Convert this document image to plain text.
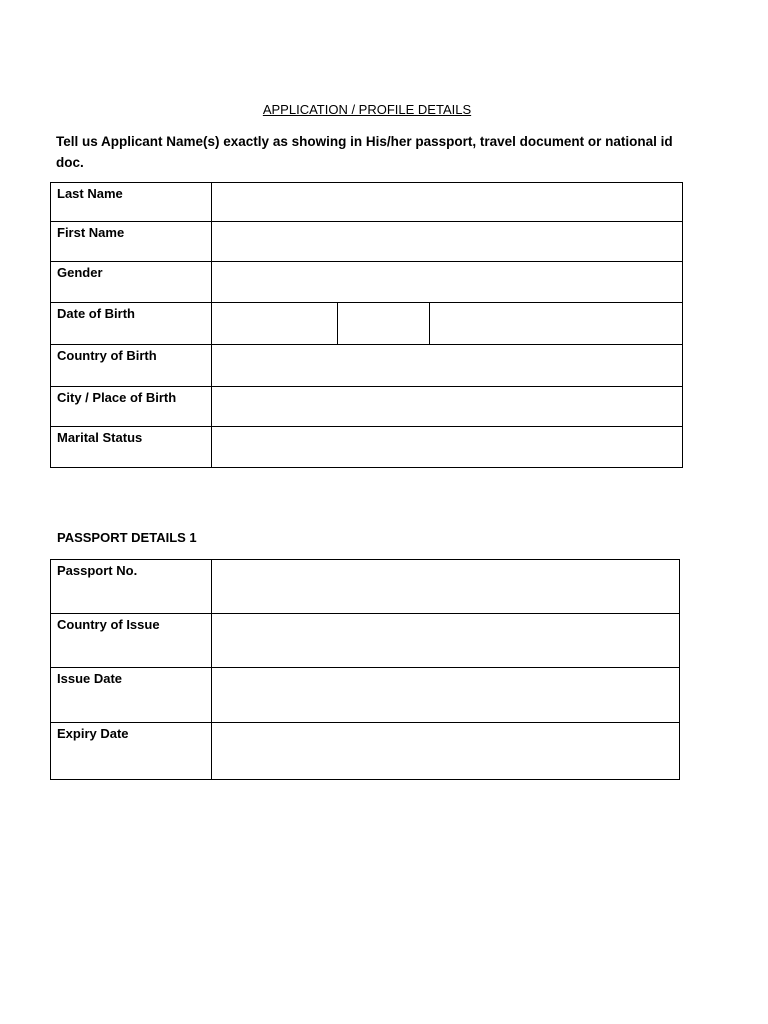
APPLICATION / PROFILE DETAILS
Tell us Applicant Name(s) exactly as showing in His/her passport, travel document or national id doc.
Last Name	
First Name	
Gender	
Date of Birth	

Country of Birth	
City / Place of Birth	
Marital Status	
PASSPORT DETAILS 1
Passport No.	
Country of Issue	
Issue Date	
Expiry Date	
